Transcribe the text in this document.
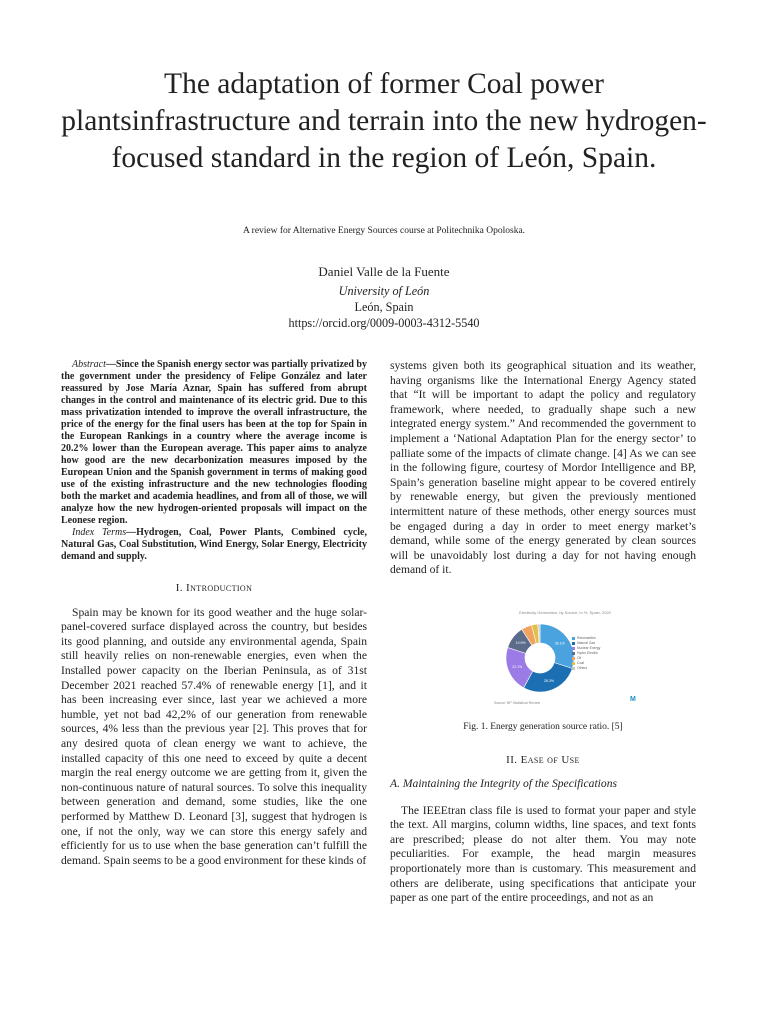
The adaptation of former Coal power plantsinfrastructure and terrain into the new hydrogen-focused standard in the region of León, Spain.
A review for Alternative Energy Sources course at Politechnika Opoloska.
Daniel Valle de la Fuente
University of León
León, Spain
https://orcid.org/0009-0003-4312-5540

Abstract—Since the Spanish energy sector was partially privatized by the government under the presidency of Felipe González and later reassured by Jose María Aznar, Spain has suffered from abrupt changes in the control and maintenance of its electric grid. Due to this mass privatization intended to improve the overall infrastructure, the price of the energy for the final users has been at the top for Spain in the European Rankings in a country where the average income is 20.2% lower than the European average. This paper aims to analyze how good are the new decarbonization measures imposed by the European Union and the Spanish government in terms of making good use of the existing infrastructure and the new technologies flooding both the market and academia headlines, and from all of those, we will analyze how the new hydrogen-oriented proposals will impact on the Leonese region.

Index Terms—Hydrogen, Coal, Power Plants, Combined cycle, Natural Gas, Coal Substitution, Wind Energy, Solar Energy, Electricity demand and supply.

I. Introduction

Spain may be known for its good weather and the huge solar-panel-covered surface displayed across the country, but besides its good planning, and outside any environmental agenda, Spain still heavily relies on non-renewable energies, even when the Installed power capacity on the Iberian Peninsula, as of 31st December 2021 reached 57.4% of renewable energy [1], and it has been increasing ever since, last year we achieved a more humble, yet not bad 42,2% of our generation from renewable sources, 4% less than the previous year [2]. This proves that for any desired quota of clean energy we want to achieve, the installed capacity of this one need to exceed by quite a decent margin the real energy outcome we are getting from it, given the non-continuous nature of natural sources. To solve this inequality between generation and demand, some studies, like the one performed by Matthew D. Leonard [3], suggest that hydrogen is one, if not the only, way we can store this energy safely and efficiently for us to use when the base generation can’t fulfill the demand. Spain seems to be a good environment for these kinds of

systems given both its geographical situation and its weather, having organisms like the International Energy Agency stated that “It will be important to adapt the policy and regulatory framework, where needed, to gradually shape such a new integrated energy system.” And recommended the government to implement a ‘National Adaptation Plan for the energy sector’ to palliate some of the impacts of climate change. [4] As we can see in the following figure, courtesy of Mordor Intelligence and BP, Spain’s generation baseline might appear to be covered entirely by renewable energy, but given the previously mentioned intermittent nature of these methods, other energy sources must be engaged during a day in order to meet energy market’s demand, while some of the energy generated by clean sources will be unavoidably lost during a day for not having enough demand of it.

Electricity Generation, by Source, in %, Spain, 2020
30.1%
28.3%
22.1%
10.9%
Renewables
Natural Gas
Nuclear Energy
Hydro Electric
Oil
Coal
Others
Source: BP Statistical Review	M
Fig. 1. Energy generation source ratio. [5]
II. Ease of Use
A. Maintaining the Integrity of the Specifications

The IEEEtran class file is used to format your paper and style the text. All margins, column widths, line spaces, and text fonts are prescribed; please do not alter them. You may note peculiarities. For example, the head margin measures proportionately more than is customary. This measurement and others are deliberate, using specifications that anticipate your paper as one part of the entire proceedings, and not as an
